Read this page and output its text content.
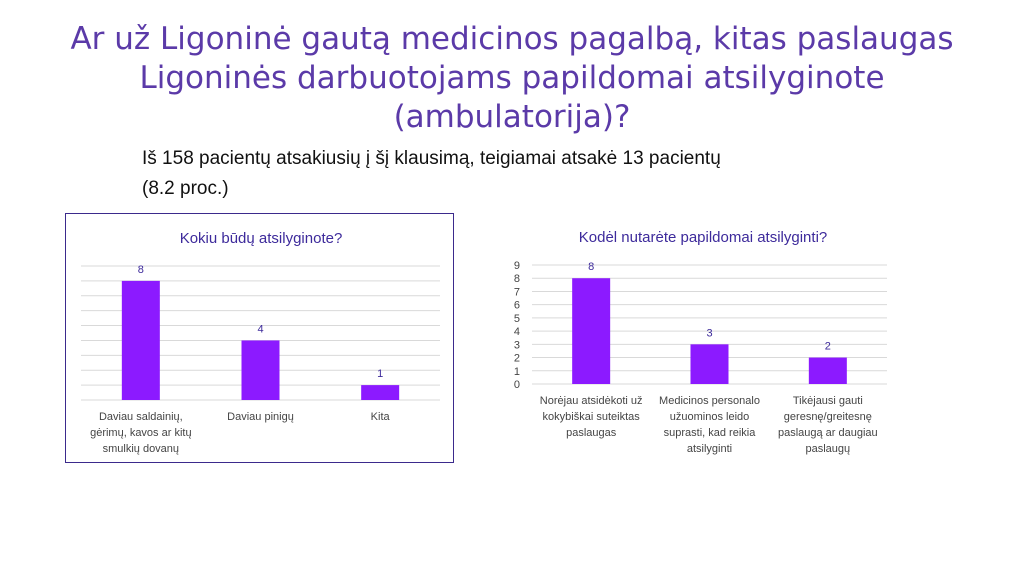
Ar už Ligoninė gautą medicinos pagalbą, kitas paslaugas
Ligoninės darbuotojams papildomai atsilyginote
(ambulatorija)?

Iš 158 pacientų atsakiusių į šį klausimą, teigiamai atsakė 13 pacientų
(8.2 proc.)

Kokiu būdų atsilyginote?
8
Daviau saldainių, gėrimų, kavos ar kitų smulkių dovanų
4
Daviau pinigų
1
Kita
Kodėl nutarėte papildomai atsilyginti?
0
1
2
3
4
5
6
7
8
9	8
Norėjau atsidėkoti už kokybiškai suteiktas paslaugas
3
Medicinos personalo užuominos leido suprasti, kad reikia atsilyginti
2
Tikėjausi gauti geresnę/greitesnę paslaugą ar daugiau paslaugų
